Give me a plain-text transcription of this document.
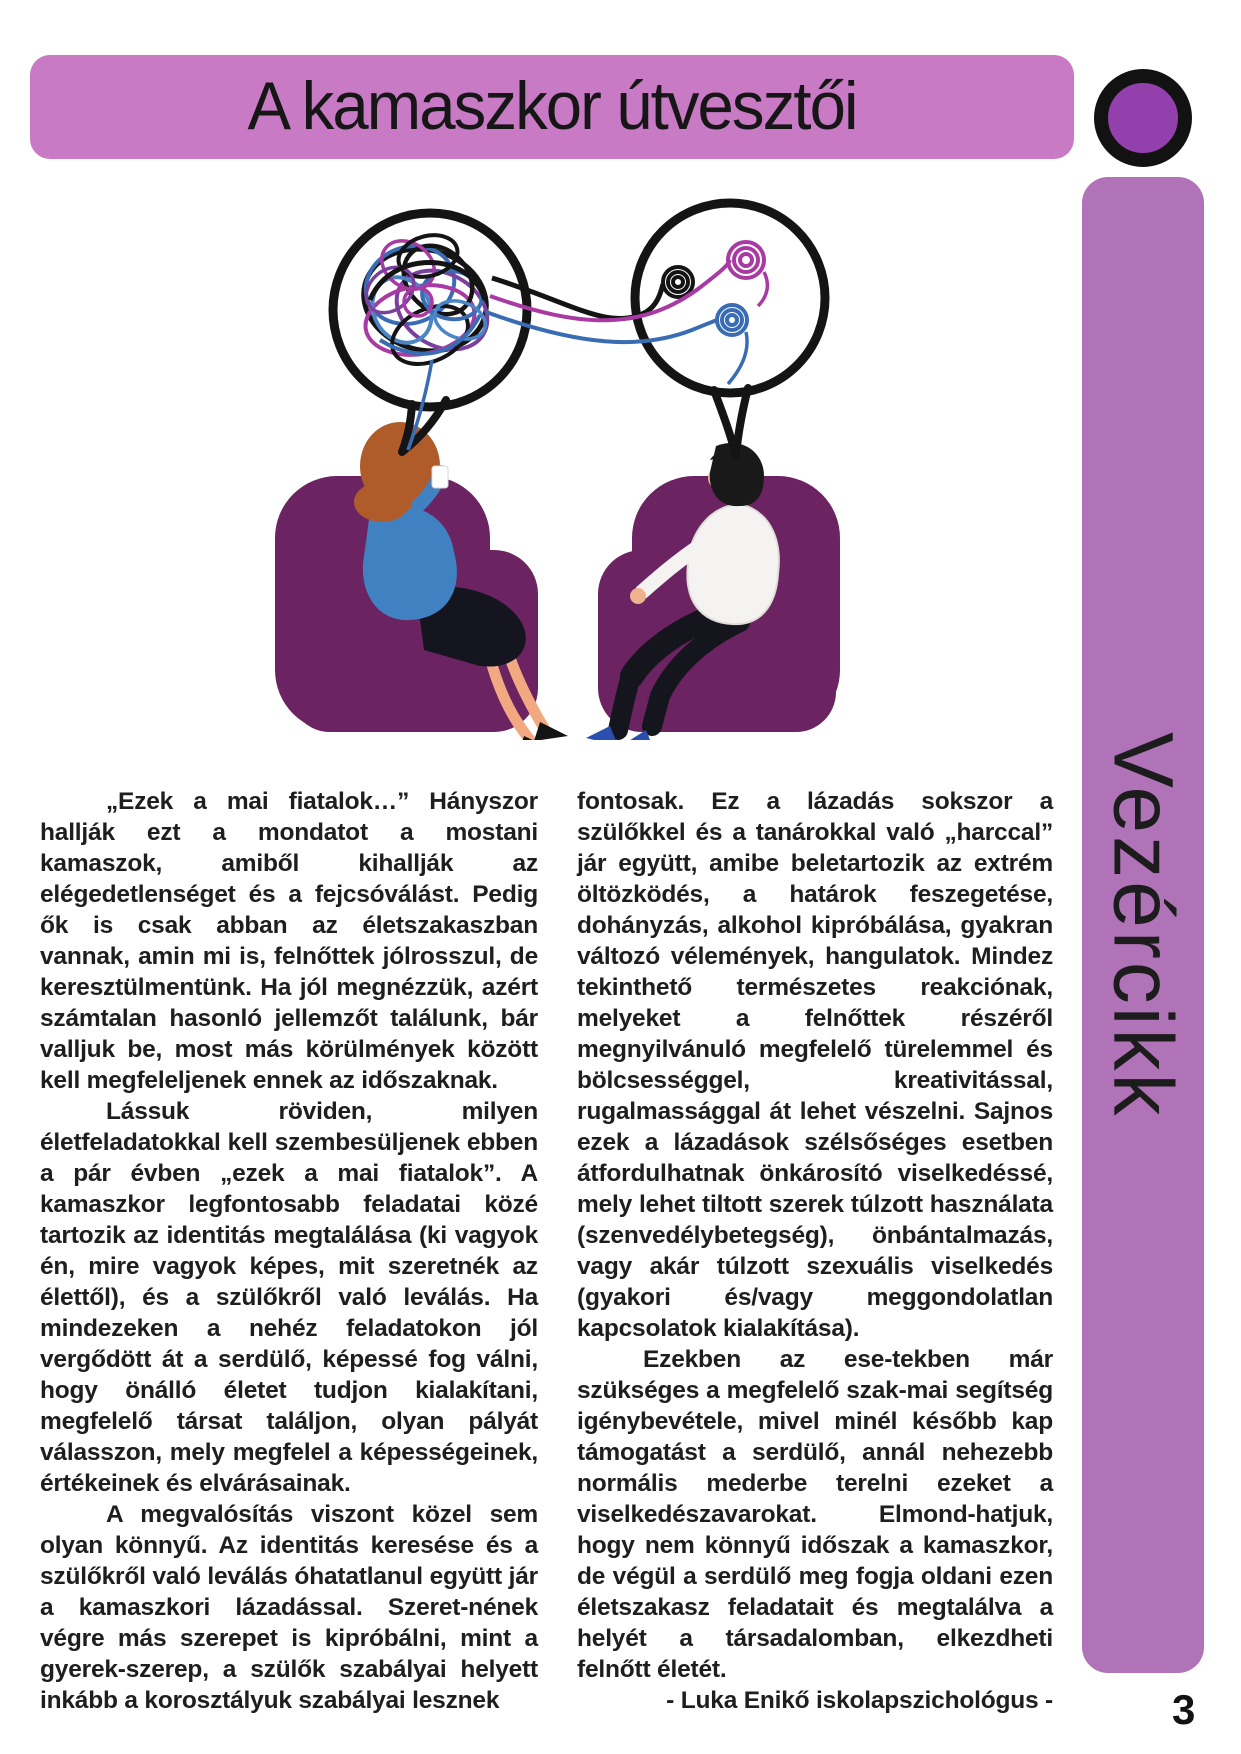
A kamaszkor útvesztői
Vezércikk

„Ezek a mai fiatalok…” Hányszor hallják ezt a mondatot a mostani kamaszok, amiből kihallják az elégedetlenséget és a fejcsóválást. Pedig ők is csak abban az életszakaszban vannak, amin mi is, felnőttek jólrosszul, de keresztülmentünk. Ha jól megnézzük, azért számtalan hasonló jellemzőt találunk, bár valljuk be, most más körülmények között kell megfeleljenek ennek az időszaknak.

Lássuk röviden, milyen életfeladatokkal kell szembesüljenek ebben a pár évben „ezek a mai fiatalok”. A kamaszkor legfontosabb feladatai közé tartozik az identitás megtalálása (ki vagyok én, mire vagyok képes, mit szeretnék az élettől), és a szülőkről való leválás. Ha mindezeken a nehéz feladatokon jól vergődött át a serdülő, képessé fog válni, hogy önálló életet tudjon kialakítani, megfelelő társat találjon, olyan pályát válasszon, mely megfelel a képességeinek, értékeinek és elvárásainak.

A megvalósítás viszont közel sem olyan könnyű. Az identitás keresése és a szülőkről való leválás óhatatlanul együtt jár a kamaszkori lázadással. Szeret-nének végre más szerepet is kipróbálni, mint a gyerek-szerep, a szülők szabályai helyett inkább a korosztályuk szabályai lesznek

fontosak. Ez a lázadás sokszor a szülőkkel és a tanárokkal való „harccal” jár együtt, amibe beletartozik az extrém öltözködés, a határok feszegetése, dohányzás, alkohol kipróbálása, gyakran változó vélemények, hangulatok. Mindez tekinthető természetes reakciónak, melyeket a felnőttek részéről megnyilvánuló megfelelő türelemmel és bölcsességgel, kreativitással, rugalmassággal át lehet vészelni. Sajnos ezek a lázadások szélsőséges esetben átfordulhatnak önkárosító viselkedéssé, mely lehet tiltott szerek túlzott használata (szenvedélybetegség), önbántalmazás, vagy akár túlzott szexuális viselkedés (gyakori és/vagy meggondolatlan kapcsolatok kialakítása).

Ezekben az ese-tekben már szükséges a megfelelő szak-mai segítség igénybevétele, mivel minél később kap támogatást a serdülő, annál nehezebb normális mederbe terelni ezeket a viselkedészavarokat. Elmond-hatjuk, hogy nem könnyű időszak a kamaszkor, de végül a serdülő meg fogja oldani ezen életszakasz feladatait és megtalálva a helyét a társadalomban, elkezdheti felnőtt életét.

- Luka Enikő iskolapszichológus -	3
